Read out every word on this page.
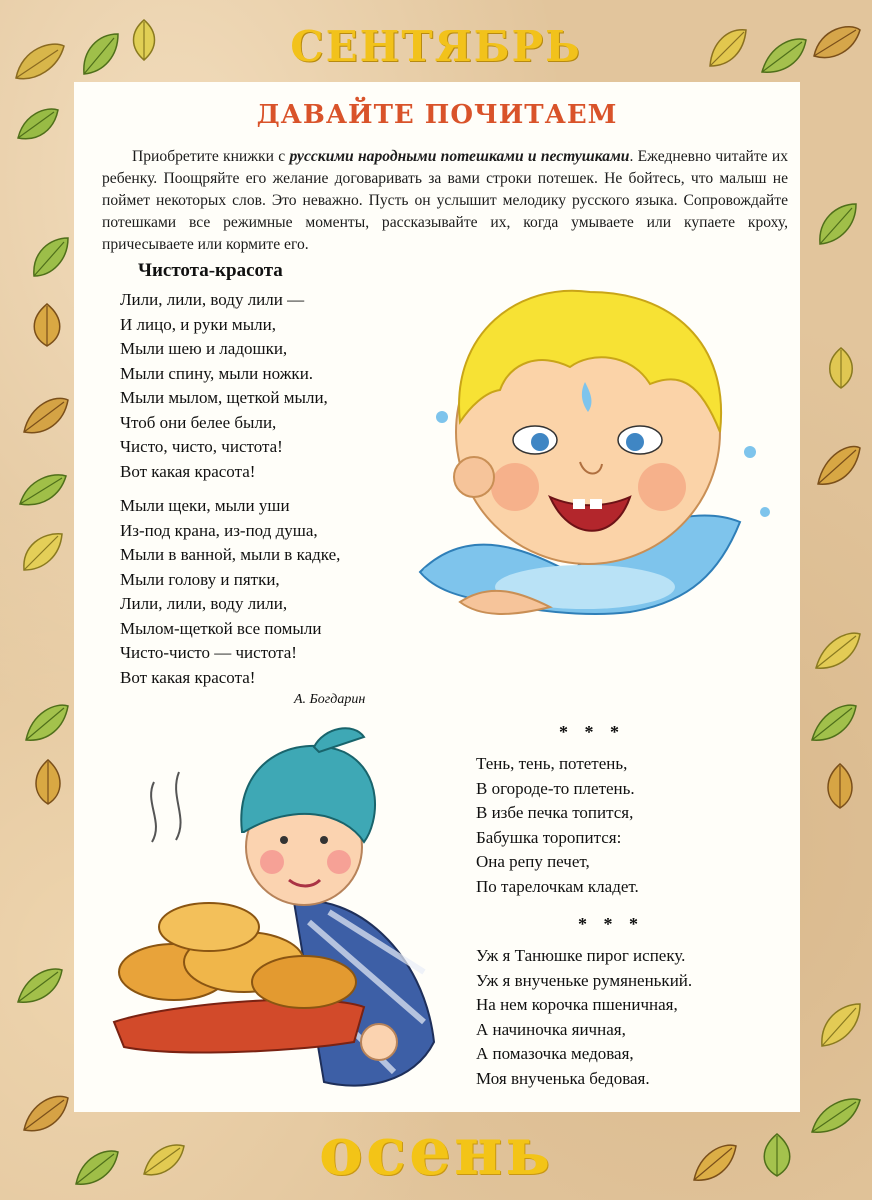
СЕНТЯБРЬ
ДАВАЙТЕ ПОЧИТАЕМ

Приобретите книжки с русскими народными потешками и пестушками. Ежедневно читайте их ребенку. Поощряйте его желание договаривать за вами строки потешек. Не бойтесь, что малыш не поймет некоторых слов. Это неважно. Пусть он услышит мелодику русского языка. Сопровождайте потешками все режимные моменты, рассказывайте их, когда умываете или купаете кроху, причесываете или кормите его.

Чистота-красота
Лили, лили, воду лили —
И лицо, и руки мыли,
Мыли шею и ладошки,
Мыли спину, мыли ножки.
Мыли мылом, щеткой мыли,
Чтоб они белее были,
Чисто, чисто, чистота!
Вот какая красота!
Мыли щеки, мыли уши
Из-под крана, из-под душа,
Мыли в ванной, мыли в кадке,
Мыли голову и пятки,
Лили, лили, воду лили,
Мылом-щеткой все помыли
Чисто-чисто — чистота!
Вот какая красота!
А. Богдарин
* * *
Тень, тень, потетень,
В огороде-то плетень.
В избе печка топится,
Бабушка торопится:
Она репу печет,
По тарелочкам кладет.
* * *
Уж я Танюшке пирог испеку.
Уж я внученьке румяненький.
На нем корочка пшеничная,
А начиночка яичная,
А помазочка медовая,
Моя внученька бедовая.
осень
